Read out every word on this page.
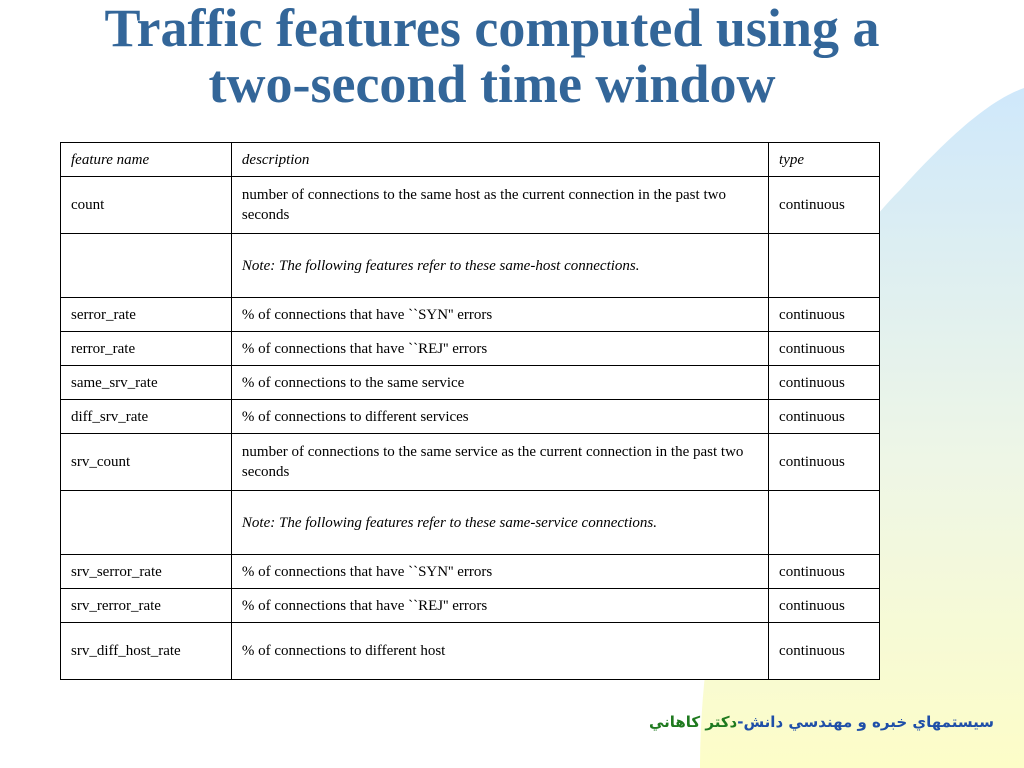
Traffic features computed using a
two-second time window
feature name	description	type
count	number of connections to the same host as the current connection in the past two seconds	continuous
	Note: The following features refer to these same-host connections.	
serror_rate	% of connections that have ``SYN'' errors	continuous
rerror_rate	% of connections that have ``REJ'' errors	continuous
same_srv_rate	% of connections to the same service	continuous
diff_srv_rate	% of connections to different services	continuous
srv_count	number of connections to the same service as the current connection in the past two seconds	continuous
	Note: The following features refer to these same-service connections.	
srv_serror_rate	% of connections that have ``SYN'' errors	continuous
srv_rerror_rate	% of connections that have ``REJ'' errors	continuous
srv_diff_host_rate	% of connections to different host	continuous
سيستمهاي خبره و مهندسي دانش-دکتر کاهاني
